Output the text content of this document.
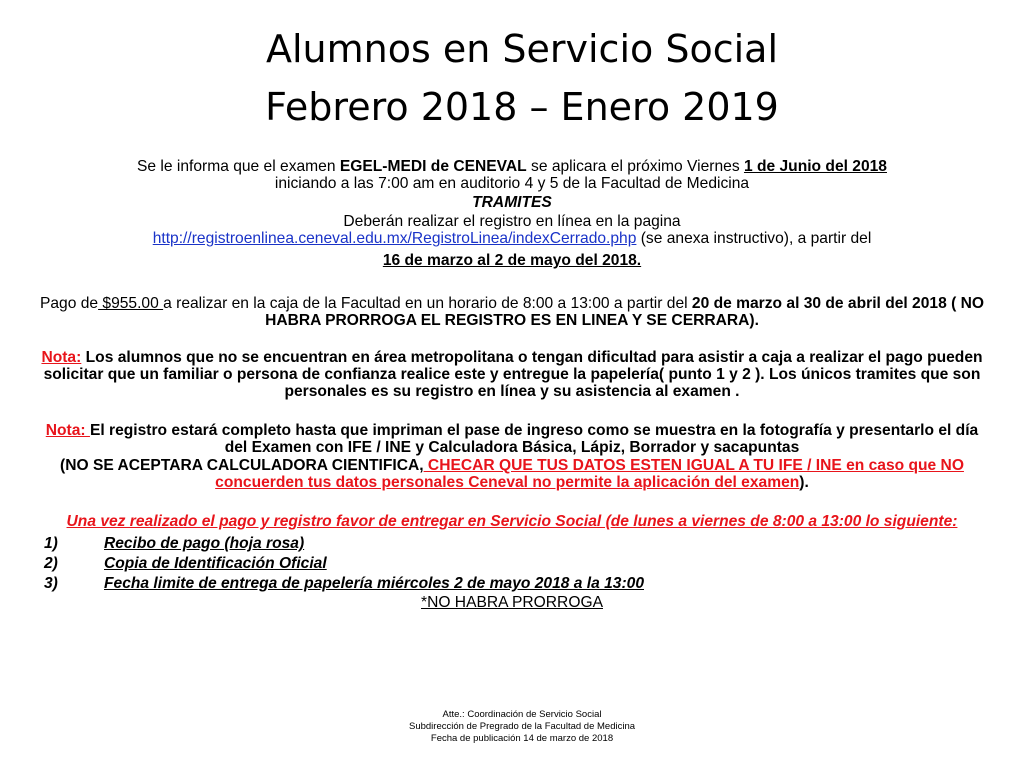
Alumnos en Servicio Social
Febrero 2018 – Enero 2019

Se le informa que el examen EGEL-MEDI de CENEVAL se aplicara el próximo Viernes 1 de Junio del 2018
iniciando a las 7:00 am en auditorio 4 y 5 de la Facultad de Medicina

TRAMITES

Deberán realizar el registro en línea en la pagina
http://registroenlinea.ceneval.edu.mx/RegistroLinea/indexCerrado.php (se anexa instructivo), a partir del

16 de marzo al 2 de mayo del 2018.

Pago de $955.00 a realizar en la caja de la Facultad en un horario de 8:00 a 13:00 a partir del 20 de marzo al 30 de abril del 2018 ( NO HABRA PRORROGA EL REGISTRO ES EN LINEA Y SE CERRARA).

Nota: Los alumnos que no se encuentran en área metropolitana o tengan dificultad para asistir a caja a realizar el pago pueden solicitar que un familiar o persona de confianza realice este y entregue la papelería( punto 1 y 2 ). Los únicos tramites que son personales es su registro en línea y su asistencia al examen .

Nota: El registro estará completo hasta que impriman el pase de ingreso como se muestra en la fotografía y presentarlo el día del Examen con IFE / INE y Calculadora Básica, Lápiz, Borrador y sacapuntas

(NO SE ACEPTARA CALCULADORA CIENTIFICA, CHECAR QUE TUS DATOS ESTEN IGUAL A TU IFE / INE en caso que NO concuerden tus datos personales Ceneval no permite la aplicación del examen).

Una vez realizado el pago y registro favor de entregar en Servicio Social (de lunes a viernes de 8:00 a 13:00 lo siguiente:

1)	Recibo de pago (hoja rosa)
2)	Copia de Identificación Oficial
3)	Fecha limite de entrega de papelería miércoles 2 de mayo 2018 a la 13:00

*NO HABRA PRORROGA

Atte.: Coordinación de Servicio Social
Subdirección de Pregrado de la Facultad de Medicina
Fecha de publicación 14 de marzo de 2018
